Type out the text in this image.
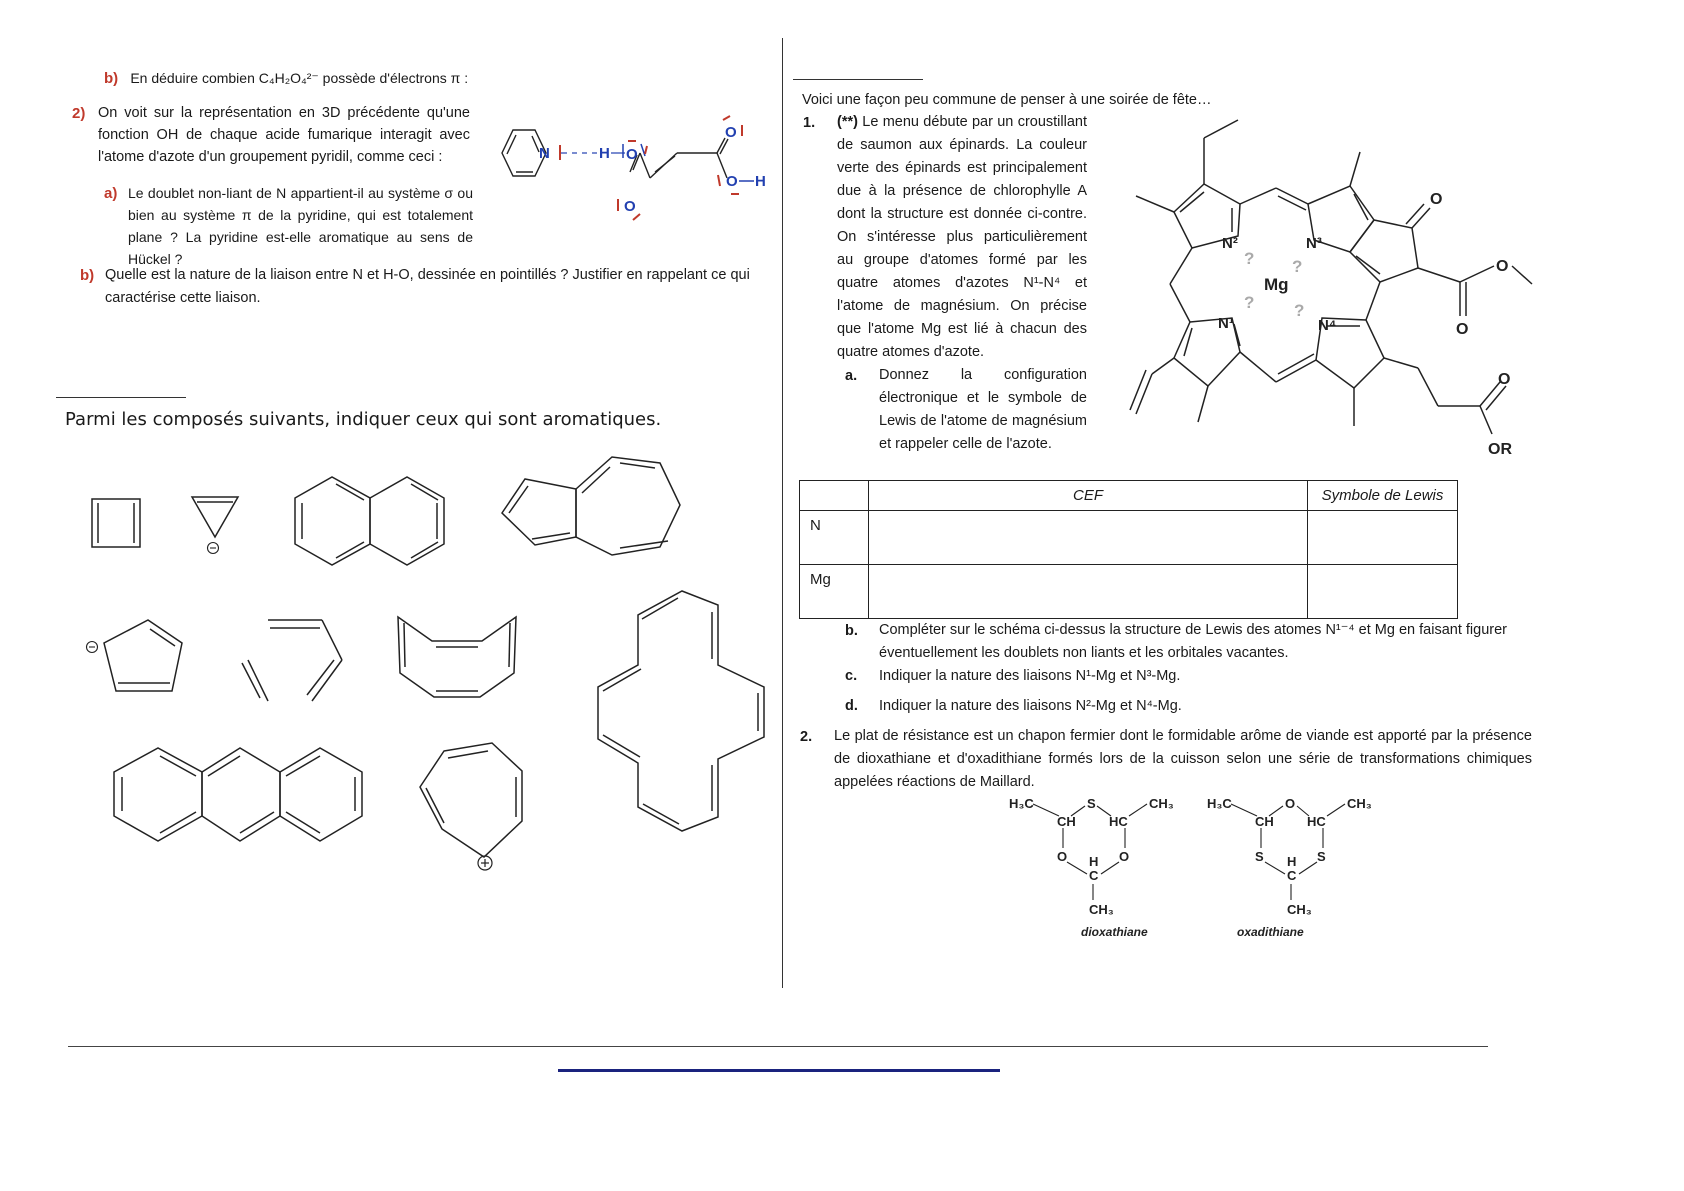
b) En déduire combien C₄H₂O₄²⁻ possède d'électrons π :
2) On voit sur la représentation en 3D précédente qu'une fonction OH de chaque acide fumarique interagit avec l'atome d'azote d'un groupement pyridil, comme ceci :
a) Le doublet non-liant de N appartient-il au système σ ou bien au système π de la pyridine, qui est totalement plane ? La pyridine est-elle aromatique au sens de Hückel ?
b) Quelle est la nature de la liaison entre N et H-O, dessinée en pointillés ? Justifier en rappelant ce qui caractérise cette liaison.
N	H O
O
O
O H
Parmi les composés suivants, indiquer ceux qui sont aromatiques.
Voici une façon peu commune de penser à une soirée de fête…
1. (**) Le menu débute par un croustillant de saumon aux épinards. La couleur verte des épinards est principalement due à la présence de chlorophylle A dont la structure est donnée ci-contre. On s'intéresse plus particulièrement au groupe d'atomes formé par les quatre atomes d'azotes N¹-N⁴ et l'atome de magnésium. On précise que l'atome Mg est lié à chacun des quatre atomes d'azote.
a. Donnez la configuration électronique et le symbole de Lewis de l'atome de magnésium et rappeler celle de l'azote.
N²	N³
N¹	N⁴
Mg
? ?
? ?
O
O
O
O
OR
	CEF	Symbole de Lewis
N		
Mg		
b. Compléter sur le schéma ci-dessus la structure de Lewis des atomes N¹⁻⁴ et Mg en faisant figurer éventuellement les doublets non liants et les orbitales vacantes.
c. Indiquer la nature des liaisons N¹-Mg et N³-Mg.
d. Indiquer la nature des liaisons N²-Mg et N⁴-Mg.
2. Le plat de résistance est un chapon fermier dont le formidable arôme de viande est apporté par la présence de dioxathiane et d'oxadithiane formés lors de la cuisson selon une série de transformations chimiques appelées réactions de Maillard.
H₃C	S	CH₃
CH	HC
O	O
H
C
CH₃
H₃C	O	CH₃
CH	HC
S	S
H
C
CH₃
dioxathiane	oxadithiane
